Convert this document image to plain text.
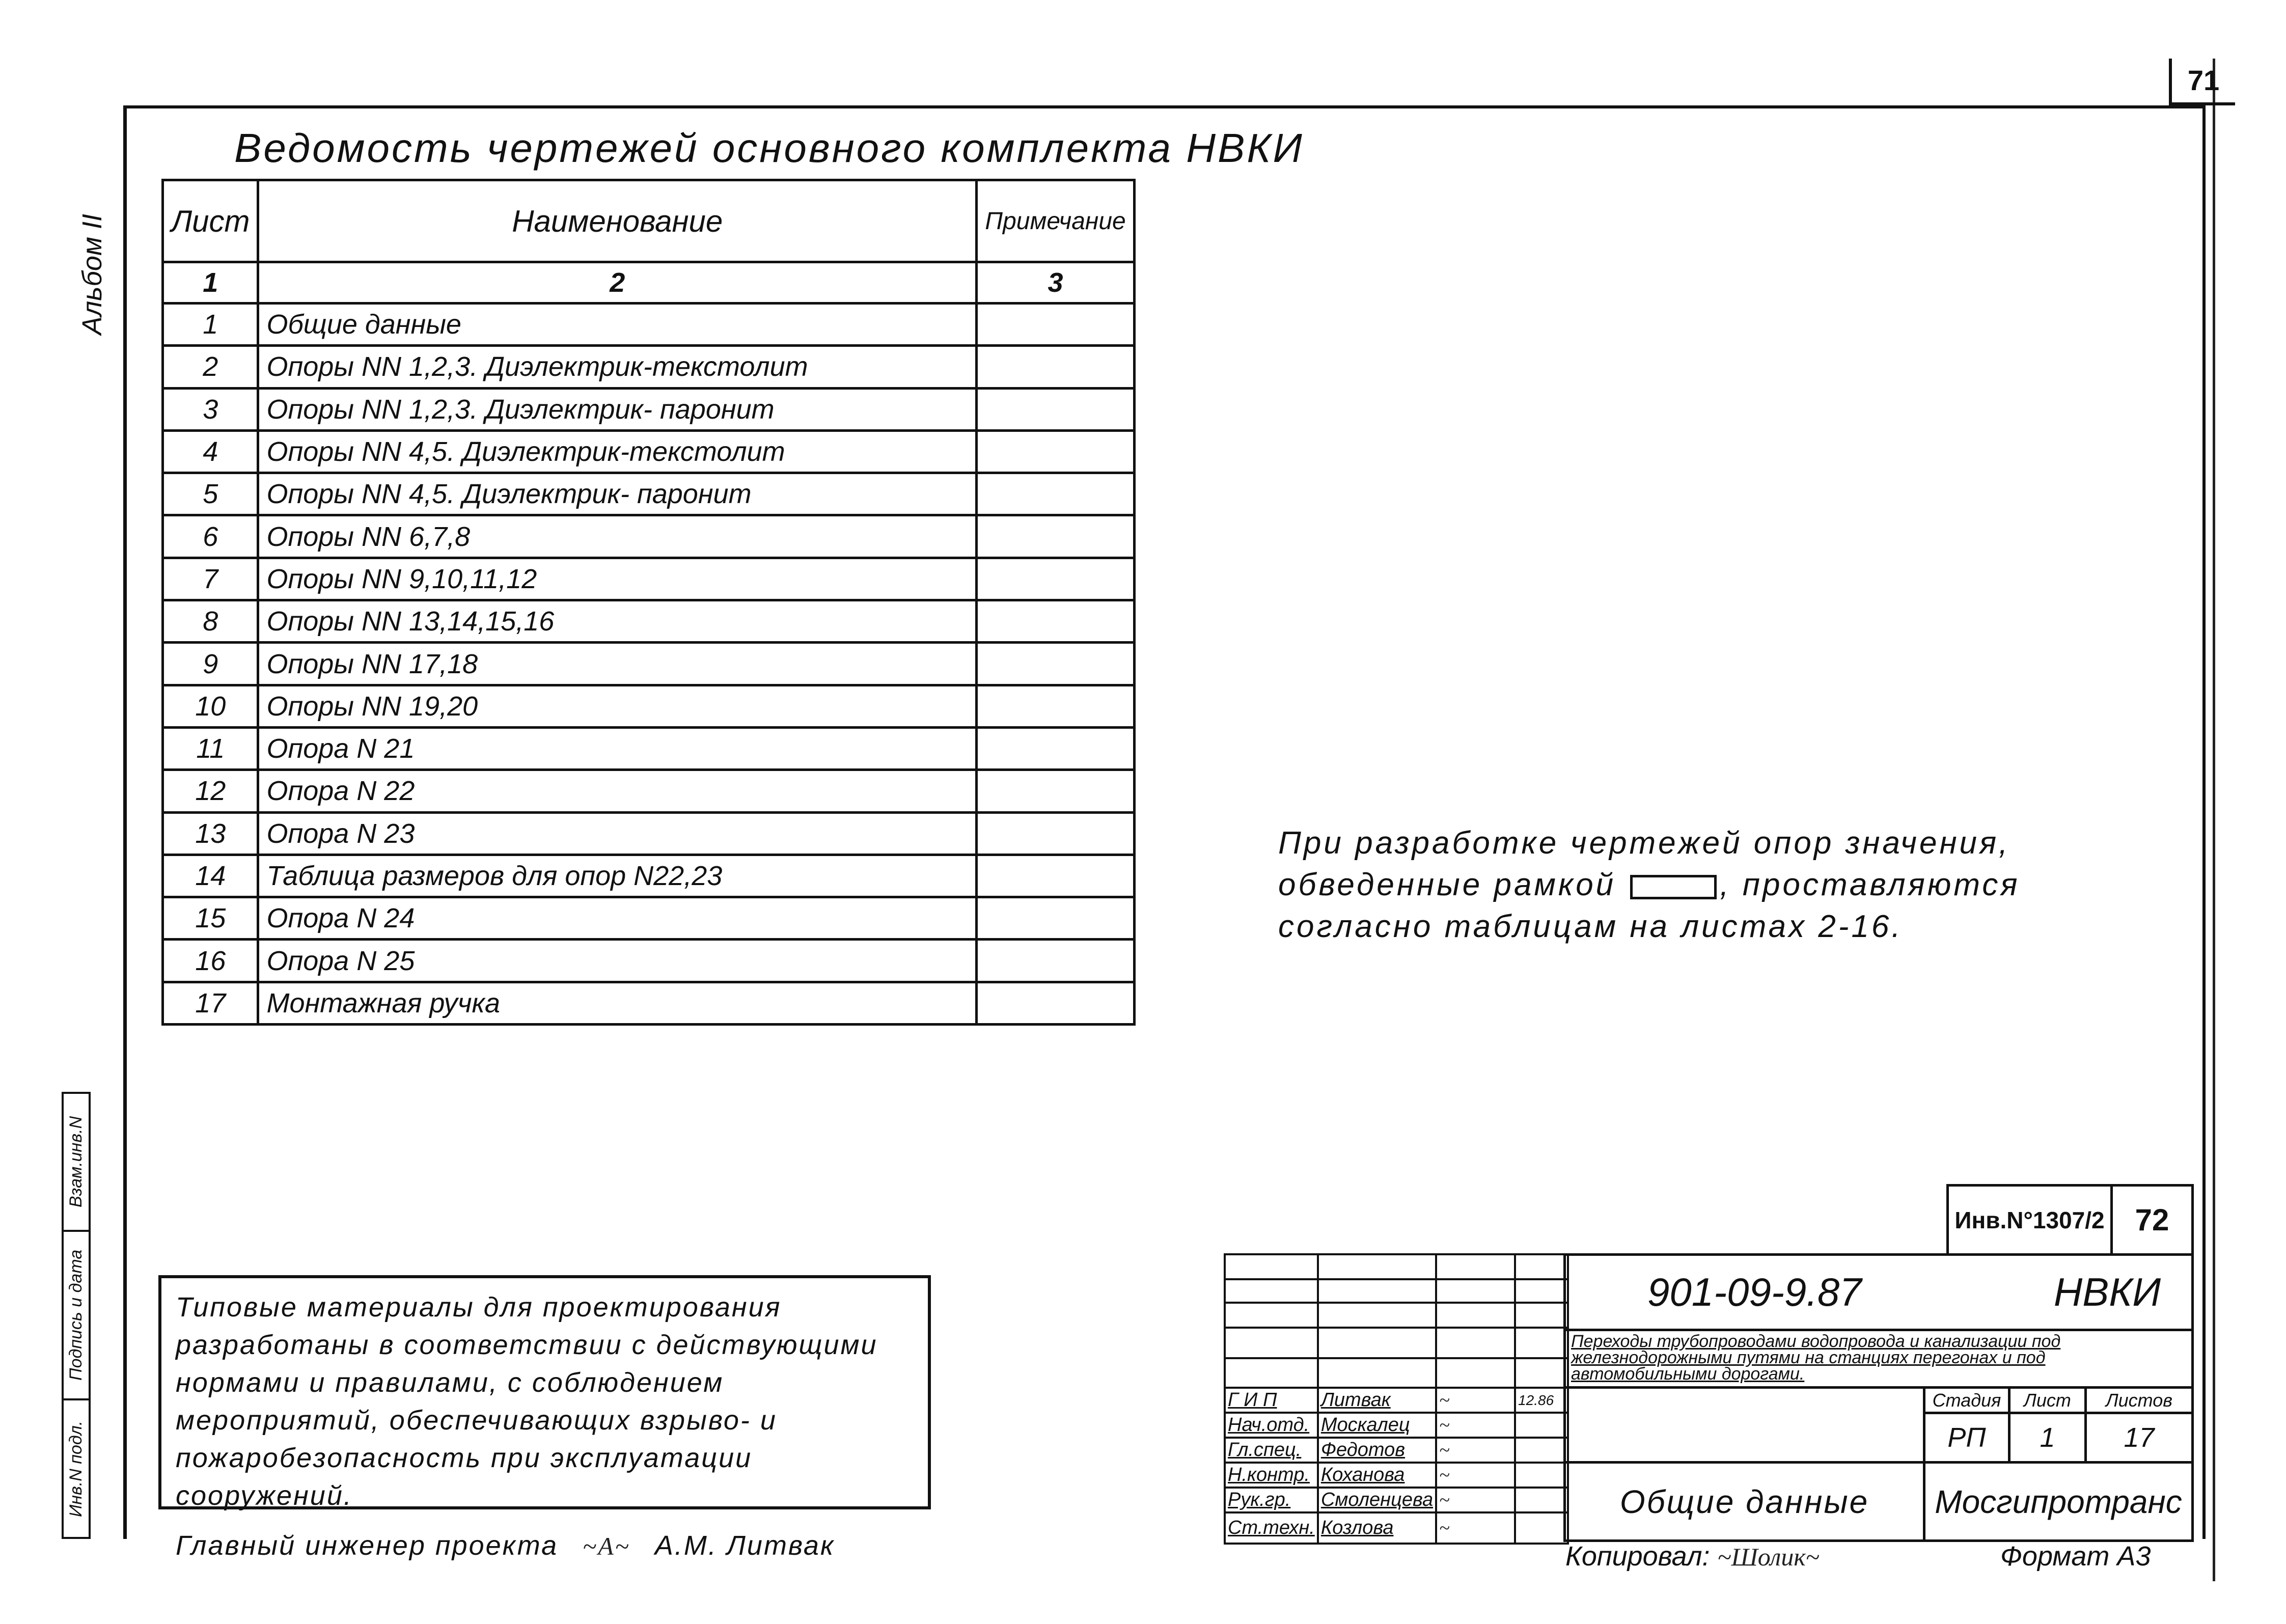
71
Альбом II
Взам.инв.N
Подпись и дата
Инв.N подл.
Ведомость чертежей основного комплекта НВКИ
Лист	Наименование	Примечание
1	2	3
1	Общие данные	
2	Опоры NN 1,2,3. Диэлектрик-текстолит	
3	Опоры NN 1,2,3. Диэлектрик- паронит	
4	Опоры NN 4,5. Диэлектрик-текстолит	
5	Опоры NN 4,5. Диэлектрик- паронит	
6	Опоры NN 6,7,8	
7	Опоры NN 9,10,11,12	
8	Опоры NN 13,14,15,16	
9	Опоры NN 17,18	
10	Опоры NN 19,20	
11	Опора N 21	
12	Опора N 22	
13	Опора N 23	
14	Таблица размеров для опор N22,23	
15	Опора N 24	
16	Опора N 25	
17	Монтажная ручка	
При разработке чертежей опор значения,
обведенные рамкой	, проставляются
согласно таблицам на листах 2-16.
Типовые материалы для проектирования разработаны в соответствии с действующими нормами и правилами, с соблюдением мероприятий, обеспечивающих взрыво- и пожаробезопасность при эксплуатации сооружений.
Главный инженер проекта ~A~ А.М. Литвак
Инв.N°1307/2	72

Г И П	Литвак	~	12.86
Нач.отд.	Москалец	~	
Гл.спец.	Федотов	~	
Н.контр.	Коханова	~	
Рук.гр.	Смоленцева	~	
Ст.техн.	Козлова	~	
901-09-9.87	НВКИ
Переходы трубопроводами водопровода и канализации под железнодорожными путями на станциях перегонах и под автомобильными дорогами.
Стадия	Лист	Листов
РП	1	17
Общие данные	Мосгипротранс
Копировал: ~Шолик~	Формат А3
